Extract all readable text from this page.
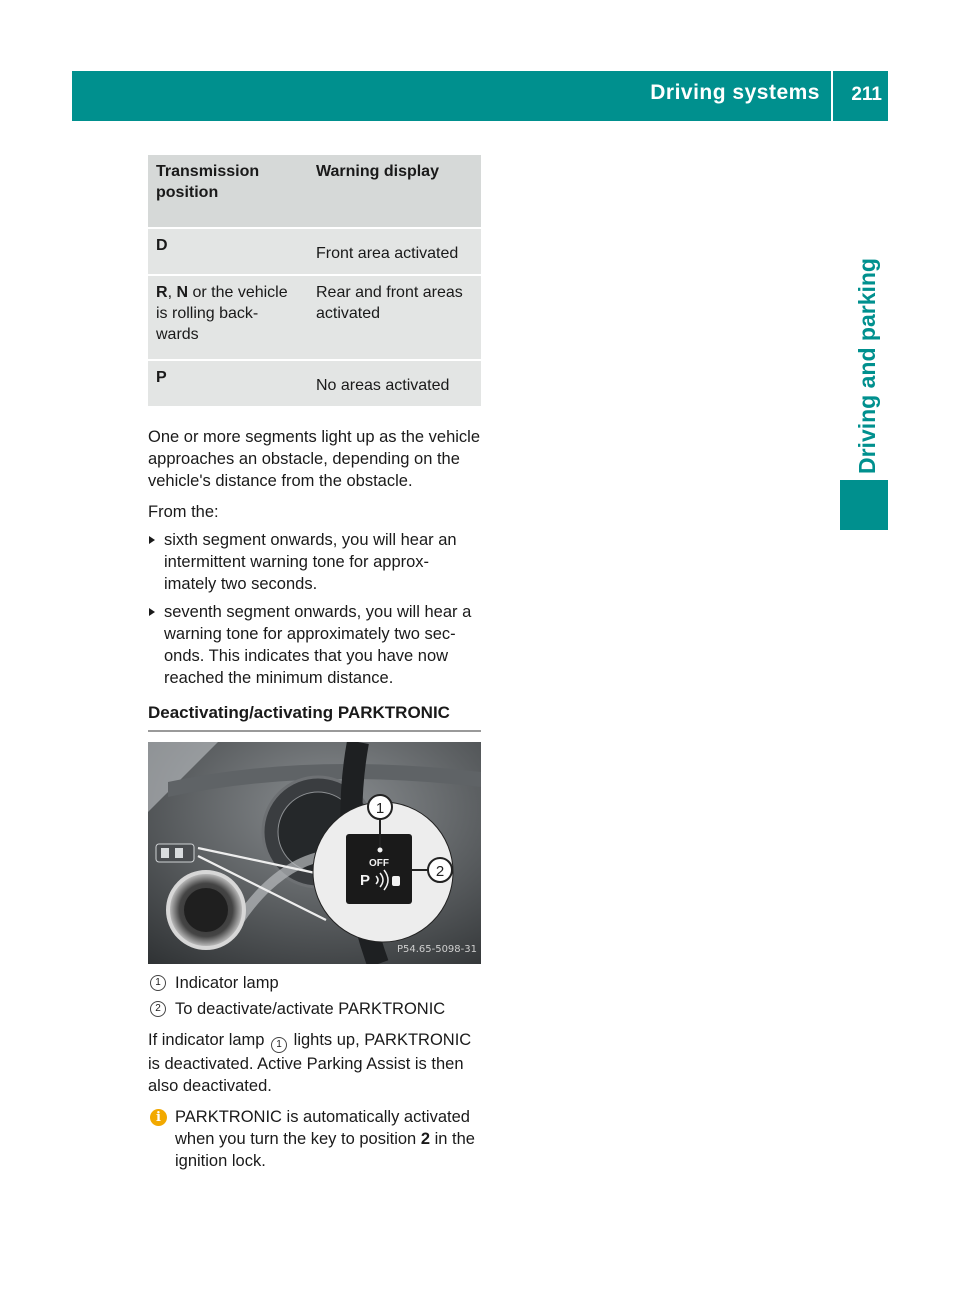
Driving systems 211
Driving and parking
Transmission position	Warning display
D	Front area activated
R, N or the vehicle is rolling back- wards	Rear and front areas activated
P	No areas activated

One or more segments light up as the vehicle approaches an obstacle, depending on the vehicle's distance from the obstacle.

From the:

sixth segment onwards, you will hear an intermittent warning tone for approx- imately two seconds.
seventh segment onwards, you will hear a warning tone for approximately two sec- onds. This indicates that you have now reached the minimum distance.
Deactivating/activating PARKTRONIC
1
2
OFF
P
P54.65-5098-31
1 Indicator lamp
2 To deactivate/activate PARKTRONIC

If indicator lamp 1 lights up, PARKTRONIC is deactivated. Active Parking Assist is then also deactivated.

i PARKTRONIC is automatically activated when you turn the key to position 2 in the ignition lock.
